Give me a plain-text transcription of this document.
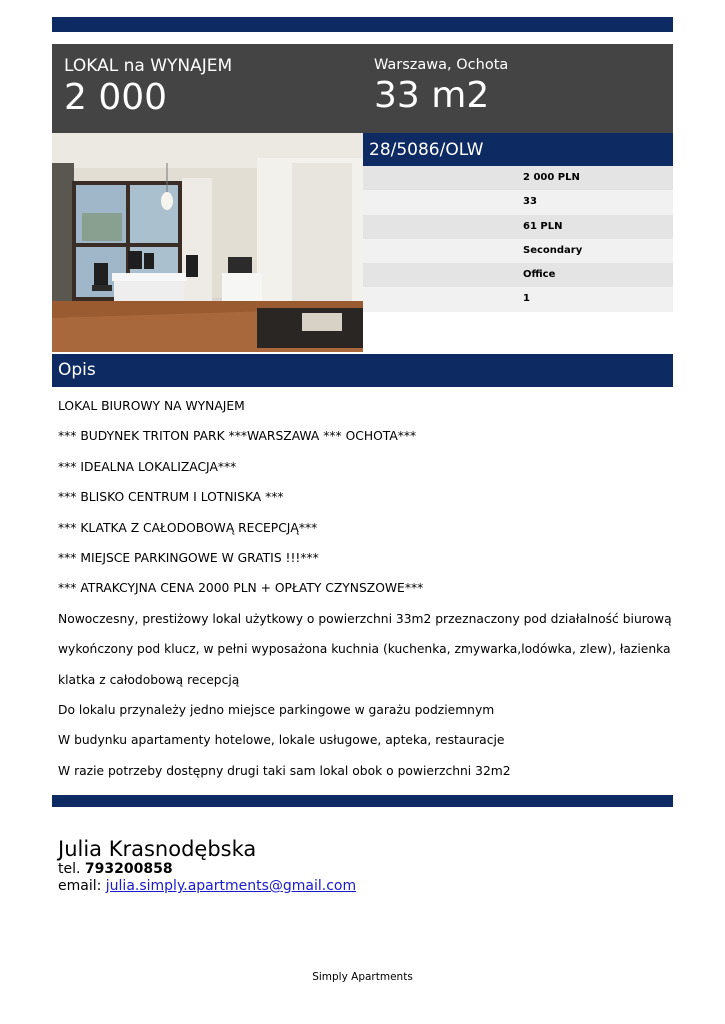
LOKAL na WYNAJEM
2 000
Warszawa, Ochota
33 m2
28/5086/OLW
2 000 PLN
33
61 PLN
Secondary
Office
1
Opis

LOKAL BIUROWY NA WYNAJEM

*** BUDYNEK TRITON PARK ***WARSZAWA *** OCHOTA***

*** IDEALNA LOKALIZACJA***

*** BLISKO CENTRUM I LOTNISKA ***

*** KLATKA Z CAŁODOBOWĄ RECEPCJĄ***

*** MIEJSCE PARKINGOWE W GRATIS !!!***

*** ATRAKCYJNA CENA 2000 PLN + OPŁATY CZYNSZOWE***

Nowoczesny, prestiżowy lokal użytkowy o powierzchni 33m2 przeznaczony pod działalność biurową

wykończony pod klucz, w pełni wyposażona kuchnia (kuchenka, zmywarka,lodówka, zlew), łazienka

klatka z całodobową recepcją

Do lokalu przynależy jedno miejsce parkingowe w garażu podziemnym

W budynku apartamenty hotelowe, lokale usługowe, apteka, restauracje

W razie potrzeby dostępny drugi taki sam lokal obok o powierzchni 32m2

Julia Krasnodębska
tel. 793200858
email: julia.simply.apartments@gmail.com
Simply Apartments
